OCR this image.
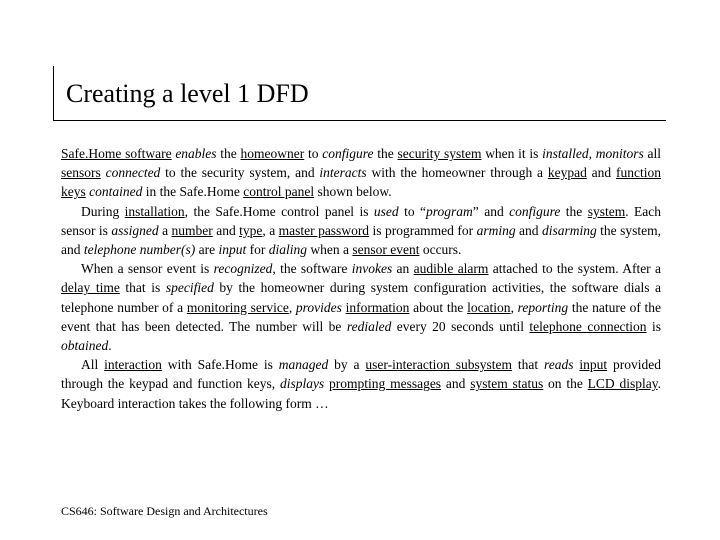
Creating a level 1 DFD

Safe.Home software enables the homeowner to configure the security system when it is installed, monitors all sensors connected to the security system, and interacts with the homeowner through a keypad and function keys contained in the Safe.Home control panel shown below.

During installation, the Safe.Home control panel is used to “program” and configure the system. Each sensor is assigned a number and type, a master password is programmed for arming and disarming the system, and telephone number(s) are input for dialing when a sensor event occurs.

When a sensor event is recognized, the software invokes an audible alarm attached to the system. After a delay time that is specified by the homeowner during system configuration activities, the software dials a telephone number of a monitoring service, provides information about the location, reporting the nature of the event that has been detected. The number will be redialed every 20 seconds until telephone connection is obtained.

All interaction with Safe.Home is managed by a user-interaction subsystem that reads input provided through the keypad and function keys, displays prompting messages and system status on the LCD display. Keyboard interaction takes the following form …

CS646: Software Design and Architectures
